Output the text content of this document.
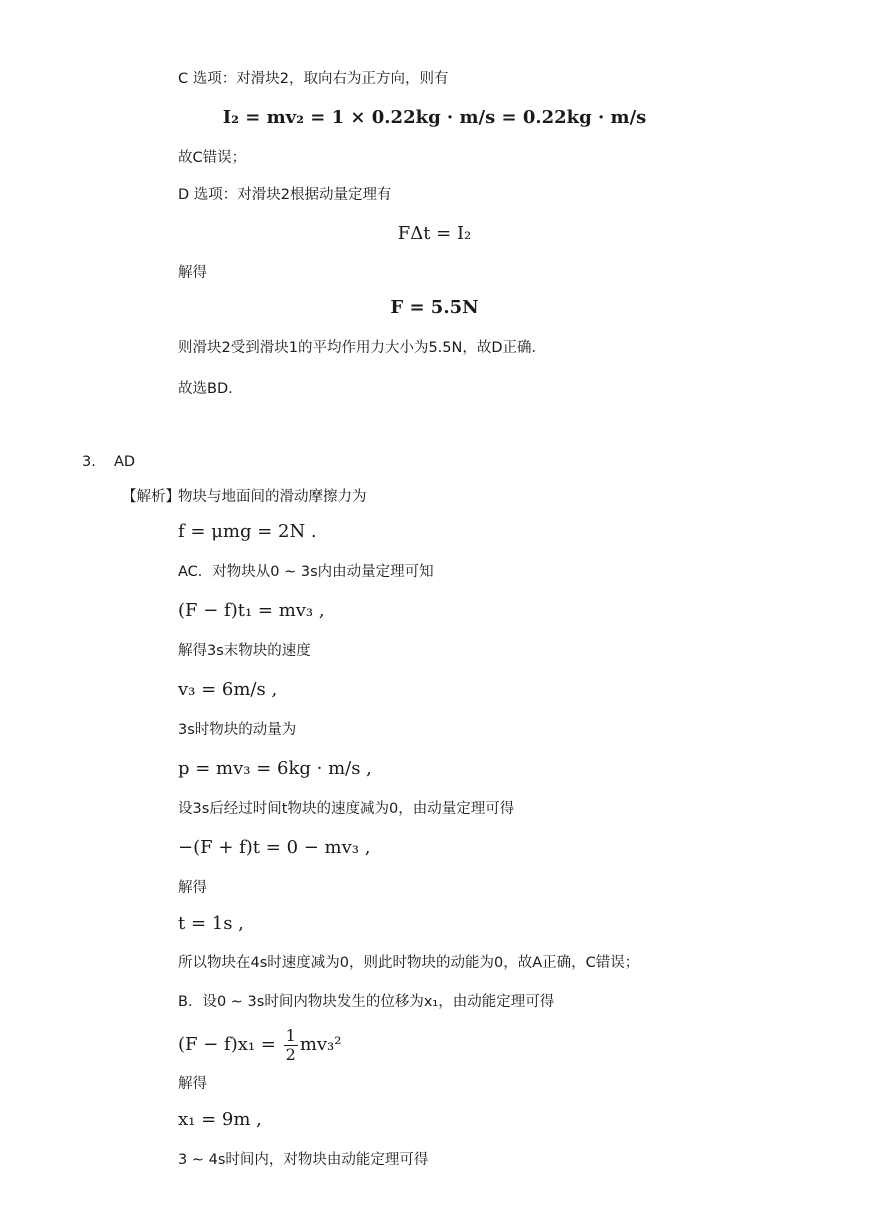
C 选项：对滑块2，取向右为正方向，则有
I₂ = mv₂ = 1 × 0.22kg · m/s = 0.22kg · m/s
故C错误；
D 选项：对滑块2根据动量定理有
FΔt = I₂
解得
F = 5.5N
则滑块2受到滑块1的平均作用力大小为5.5N，故D正确．
故选BD.
3. AD
【解析】
物块与地面间的滑动摩擦力为
f = μmg = 2N .
AC．对物块从0 ∼ 3s内由动量定理可知
(F − f)t₁ = mv₃ ,
解得3s末物块的速度
v₃ = 6m/s ,
3s时物块的动量为
p = mv₃ = 6kg · m/s ,
设3s后经过时间t物块的速度减为0，由动量定理可得
−(F + f)t = 0 − mv₃ ,
解得
t = 1s ,
所以物块在4s时速度减为0，则此时物块的动能为0，故A正确，C错误；
B．设0 ∼ 3s时间内物块发生的位移为x₁，由动能定理可得
$(F - f)x_1 = \frac{1}{2} mv_3^2$
解得
x₁ = 9m ,
3 ∼ 4s时间内，对物块由动能定理可得
